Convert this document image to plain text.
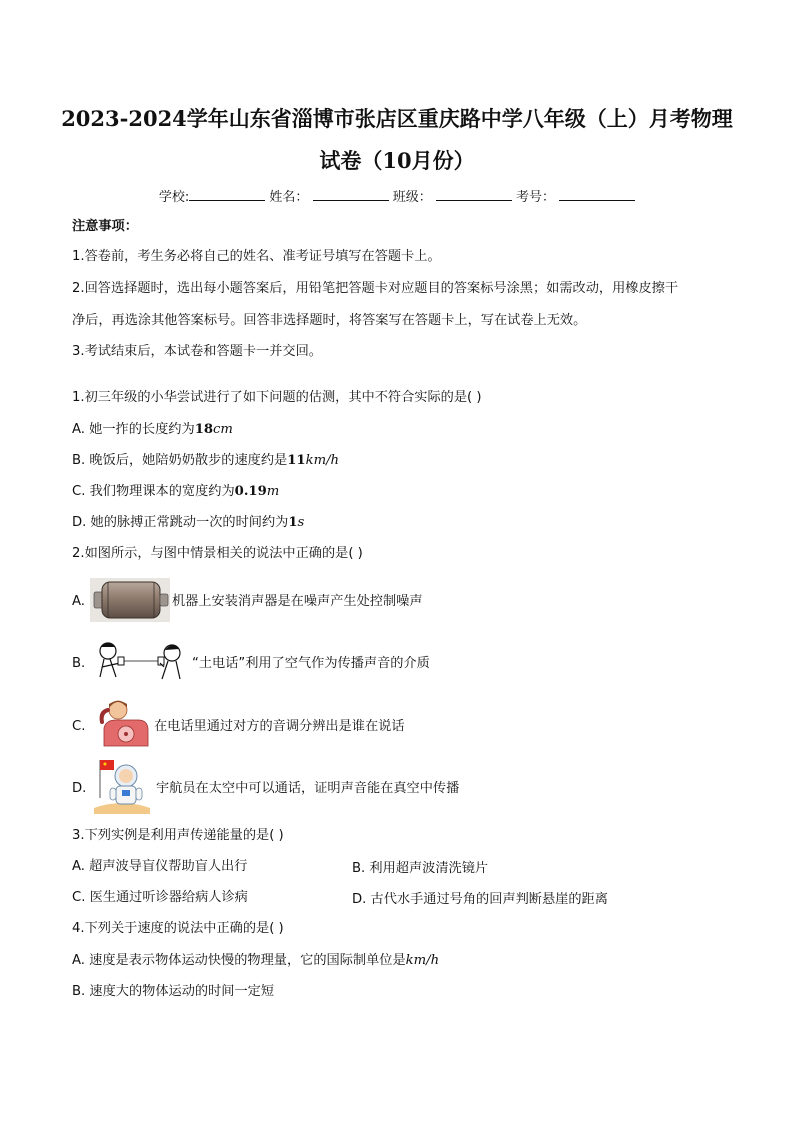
2023-2024学年山东省淄博市张店区重庆路中学八年级（上）月考物理
试卷（10月份）
学校:	姓名：	班级：	考号：
注意事项：
1.答卷前，考生务必将自己的姓名、准考证号填写在答题卡上。
2.回答选择题时，选出每小题答案后，用铅笔把答题卡对应题目的答案标号涂黑；如需改动，用橡皮擦干
净后，再选涂其他答案标号。回答非选择题时，将答案写在答题卡上，写在试卷上无效。
3.考试结束后，本试卷和答题卡一并交回。
1.初三年级的小华尝试进行了如下问题的估测，其中不符合实际的是( )
A. 她一拃的长度约为18cm
B. 晚饭后，她陪奶奶散步的速度约是11km/h
C. 我们物理课本的宽度约为0.19m
D. 她的脉搏正常跳动一次的时间约为1s
2.如图所示，与图中情景相关的说法中正确的是( )
A.	机器上安装消声器是在噪声产生处控制噪声
B.	“土电话”利用了空气作为传播声音的介质
C.	在电话里通过对方的音调分辨出是谁在说话
D.	宇航员在太空中可以通话，证明声音能在真空中传播
3.下列实例是利用声传递能量的是( )
A. 超声波导盲仪帮助盲人出行	B. 利用超声波清洗镜片
C. 医生通过听诊器给病人诊病	D. 古代水手通过号角的回声判断悬崖的距离
4.下列关于速度的说法中正确的是( )
A. 速度是表示物体运动快慢的物理量，它的国际制单位是km/h
B. 速度大的物体运动的时间一定短
